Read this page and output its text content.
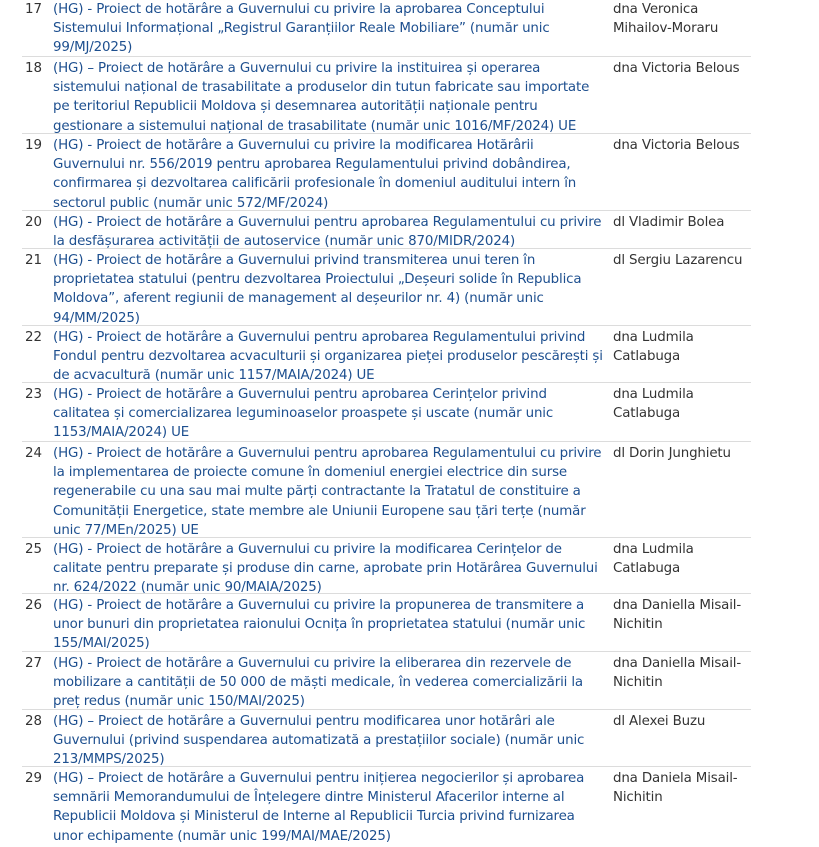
17 (HG) - Proiect de hotărâre a Guvernului cu privire la aprobarea Conceptului Sistemului Informațional „Registrul Garanțiilor Reale Mobiliare” (număr unic 99/MJ/2025)
dna Veronica Mihailov-Moraru
18 (HG) – Proiect de hotărâre a Guvernului cu privire la instituirea și operarea sistemului național de trasabilitate a produselor din tutun fabricate sau importate pe teritoriul Republicii Moldova și desemnarea autorității naționale pentru gestionare a sistemului național de trasabilitate (număr unic 1016/MF/2024) UE
dna Victoria Belous
19 (HG) - Proiect de hotărâre a Guvernului cu privire la modificarea Hotărârii Guvernului nr. 556/2019 pentru aprobarea Regulamentului privind dobândirea, confirmarea și dezvoltarea calificării profesionale în domeniul auditului intern în sectorul public (număr unic 572/MF/2024)
dna Victoria Belous
20 (HG) - Proiect de hotărâre a Guvernului pentru aprobarea Regulamentului cu privire la desfășurarea activității de autoservice (număr unic 870/MIDR/2024)
dl Vladimir Bolea
21 (HG) - Proiect de hotărâre a Guvernului privind transmiterea unui teren în proprietatea statului (pentru dezvoltarea Proiectului „Deșeuri solide în Republica Moldova”, aferent regiunii de management al deșeurilor nr. 4) (număr unic 94/MM/2025)
dl Sergiu Lazarencu
22 (HG) - Proiect de hotărâre a Guvernului pentru aprobarea Regulamentului privind Fondul pentru dezvoltarea acvaculturii și organizarea pieței produselor pescărești și de acvacultură (număr unic 1157/MAIA/2024) UE
dna Ludmila Catlabuga
23 (HG) - Proiect de hotărâre a Guvernului pentru aprobarea Cerințelor privind calitatea și comercializarea leguminoaselor proaspete și uscate (număr unic 1153/MAIA/2024) UE
dna Ludmila Catlabuga
24 (HG) - Proiect de hotărâre a Guvernului pentru aprobarea Regulamentului cu privire la implementarea de proiecte comune în domeniul energiei electrice din surse regenerabile cu una sau mai multe părți contractante la Tratatul de constituire a Comunității Energetice, state membre ale Uniunii Europene sau țări terțe (număr unic 77/MEn/2025) UE
dl Dorin Junghietu
25 (HG) - Proiect de hotărâre a Guvernului cu privire la modificarea Cerințelor de calitate pentru preparate și produse din carne, aprobate prin Hotărârea Guvernului nr. 624/2022 (număr unic 90/MAIA/2025)
dna Ludmila Catlabuga
26 (HG) - Proiect de hotărâre a Guvernului cu privire la propunerea de transmitere a unor bunuri din proprietatea raionului Ocnița în proprietatea statului (număr unic 155/MAI/2025)
dna Daniella Misail-Nichitin
27 (HG) - Proiect de hotărâre a Guvernului cu privire la eliberarea din rezervele de mobilizare a cantității de 50 000 de măști medicale, în vederea comercializării la preț redus (număr unic 150/MAI/2025)
dna Daniella Misail-Nichitin
28 (HG) – Proiect de hotărâre a Guvernului pentru modificarea unor hotărâri ale Guvernului (privind suspendarea automatizată a prestațiilor sociale) (număr unic 213/MMPS/2025)
dl Alexei Buzu
29 (HG) – Proiect de hotărâre a Guvernului pentru inițierea negocierilor și aprobarea semnării Memorandumului de Înțelegere dintre Ministerul Afacerilor interne al Republicii Moldova și Ministerul de Interne al Republicii Turcia privind furnizarea unor echipamente (număr unic 199/MAI/MAE/2025)
dna Daniela Misail-Nichitin
